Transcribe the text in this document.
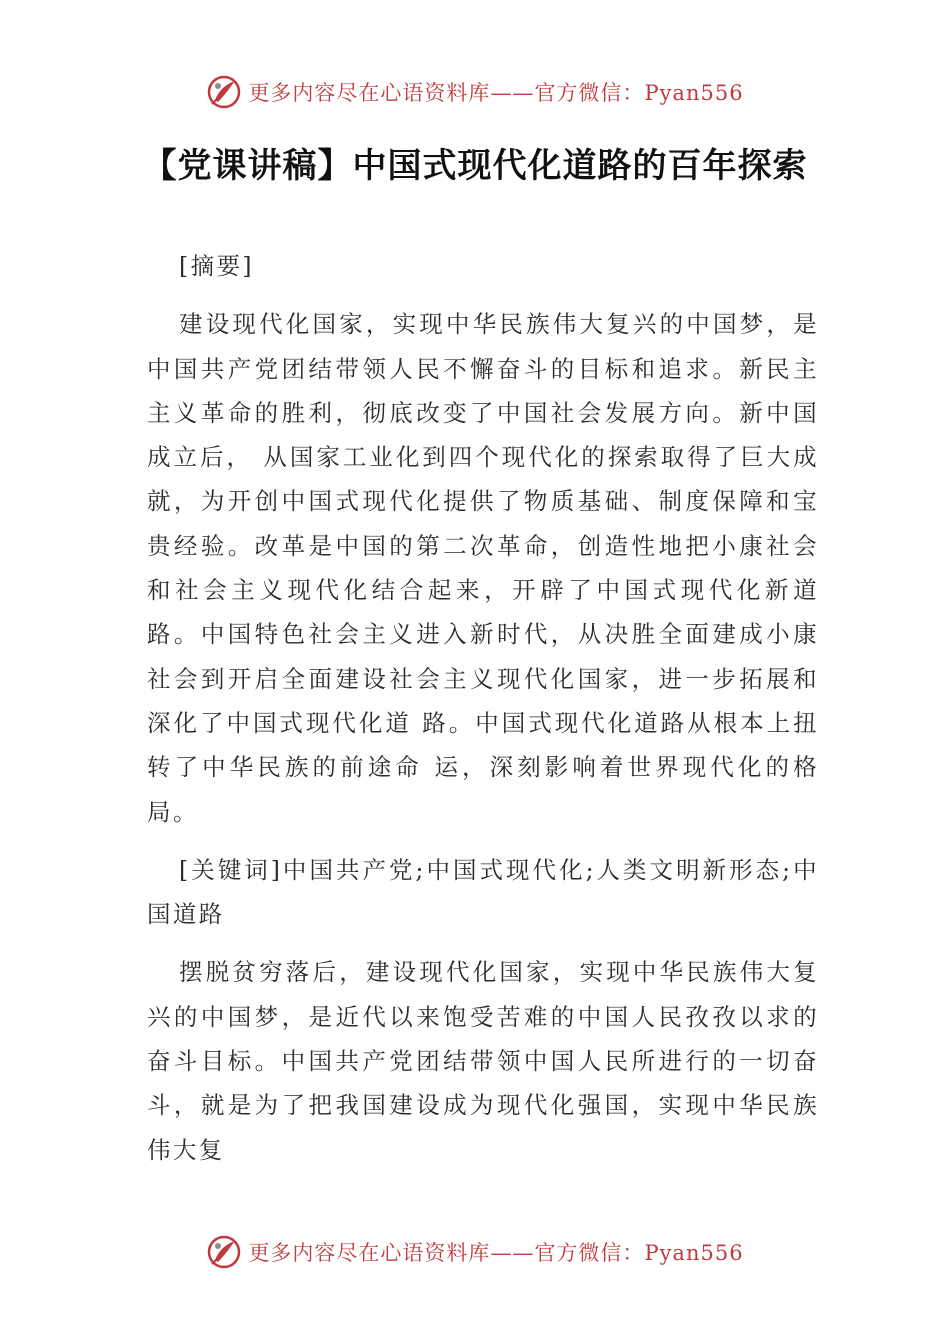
更多内容尽在心语资料库——官方微信：Pyan556
【党课讲稿】中国式现代化道路的百年探索

[摘要]

建设现代化国家，实现中华民族伟大复兴的中国梦，是中国共产党团结带领人民不懈奋斗的目标和追求。新民主主义革命的胜利，彻底改变了中国社会发展方向。新中国成立后， 从国家工业化到四个现代化的探索取得了巨大成就，为开创中国式现代化提供了物质基础、制度保障和宝贵经验。改革是中国的第二次革命，创造性地把小康社会和社会主义现代化结合起来，开辟了中国式现代化新道路。中国特色社会主义进入新时代，从决胜全面建成小康社会到开启全面建设社会主义现代化国家，进一步拓展和深化了中国式现代化道 路。中国式现代化道路从根本上扭转了中华民族的前途命 运，深刻影响着世界现代化的格局。

[关键词]中国共产党;中国式现代化;人类文明新形态;中国道路

摆脱贫穷落后，建设现代化国家，实现中华民族伟大复兴的中国梦，是近代以来饱受苦难的中国人民孜孜以求的奋斗目标。中国共产党团结带领中国人民所进行的一切奋斗，就是为了把我国建设成为现代化强国，实现中华民族伟大复

更多内容尽在心语资料库——官方微信：Pyan556
